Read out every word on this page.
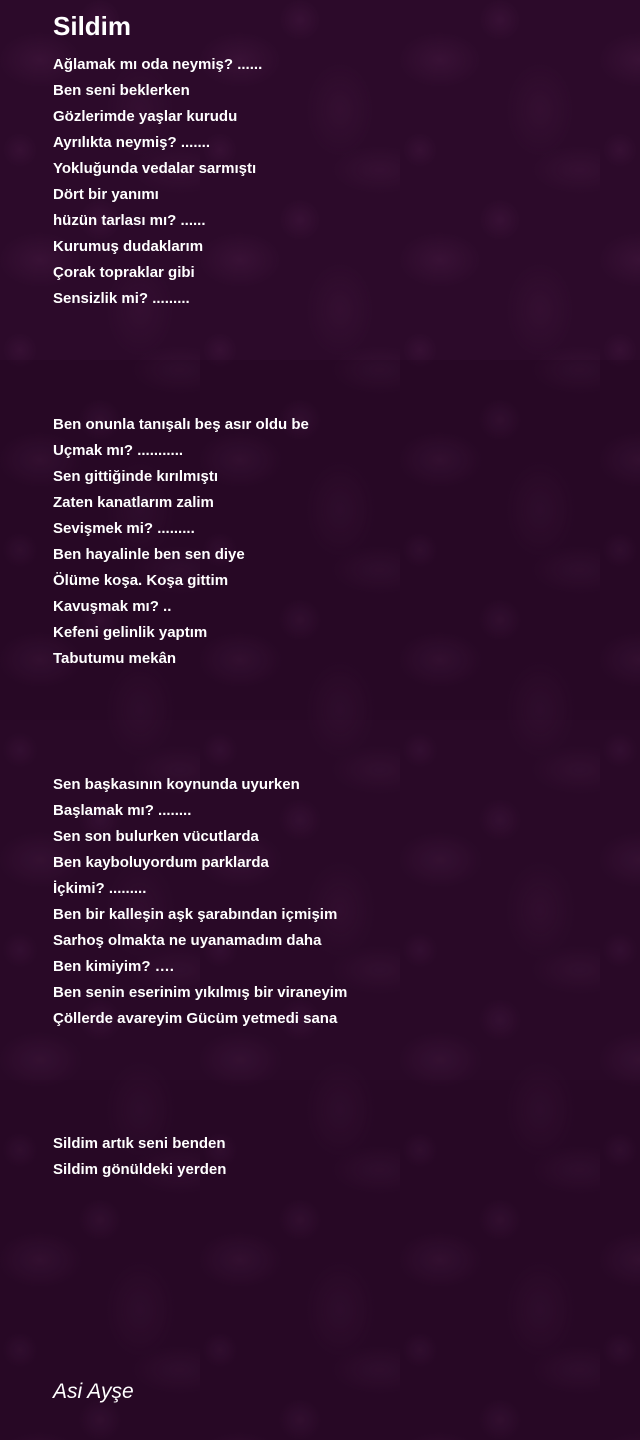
Sildim
Ağlamak mı oda neymiş? ......
Ben seni beklerken
Gözlerimde yaşlar kurudu
Ayrılıkta neymiş? .......
Yokluğunda vedalar sarmıştı
Dört bir yanımı
hüzün tarlası mı? ......
Kurumuş dudaklarım
Çorak topraklar gibi
Sensizlik mi? .........
Ben onunla tanışalı beş asır oldu be
Uçmak mı? ...........
Sen gittiğinde kırılmıştı
Zaten kanatlarım zalim
Sevişmek mi? .........
Ben hayalinle ben sen diye
Ölüme koşa. Koşa gittim
Kavuşmak mı? ..
Kefeni gelinlik yaptım
Tabutumu mekân
Sen başkasının koynunda uyurken
Başlamak mı? ........
Sen son bulurken vücutlarda
Ben kayboluyordum parklarda
İçkimi? .........
Ben bir kalleşin aşk şarabından içmişim
Sarhoş olmakta ne uyanamadım daha
Ben kimiyim? ….
Ben senin eserinim yıkılmış bir viraneyim
Çöllerde avareyim Gücüm yetmedi sana
Sildim artık seni benden
Sildim gönüldeki yerden
Asi Ayşe
